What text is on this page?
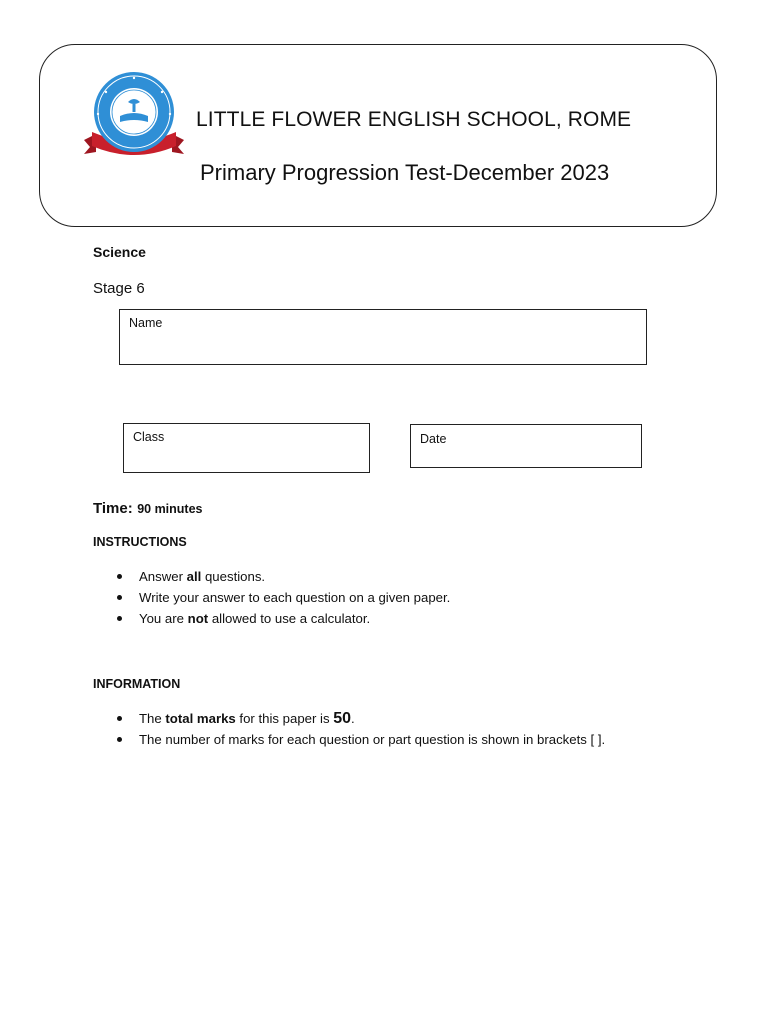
LITTLE FLOWER ENGLISH SCHOOL, ROME
Primary Progression Test-December 2023
Science
Stage 6
Name
Class	Date
Time: 90 minutes
INSTRUCTIONS
Answer all questions.
Write your answer to each question on a given paper.
You are not allowed to use a calculator.
INFORMATION
The total marks for this paper is 50.
The number of marks for each question or part question is shown in brackets [ ].
